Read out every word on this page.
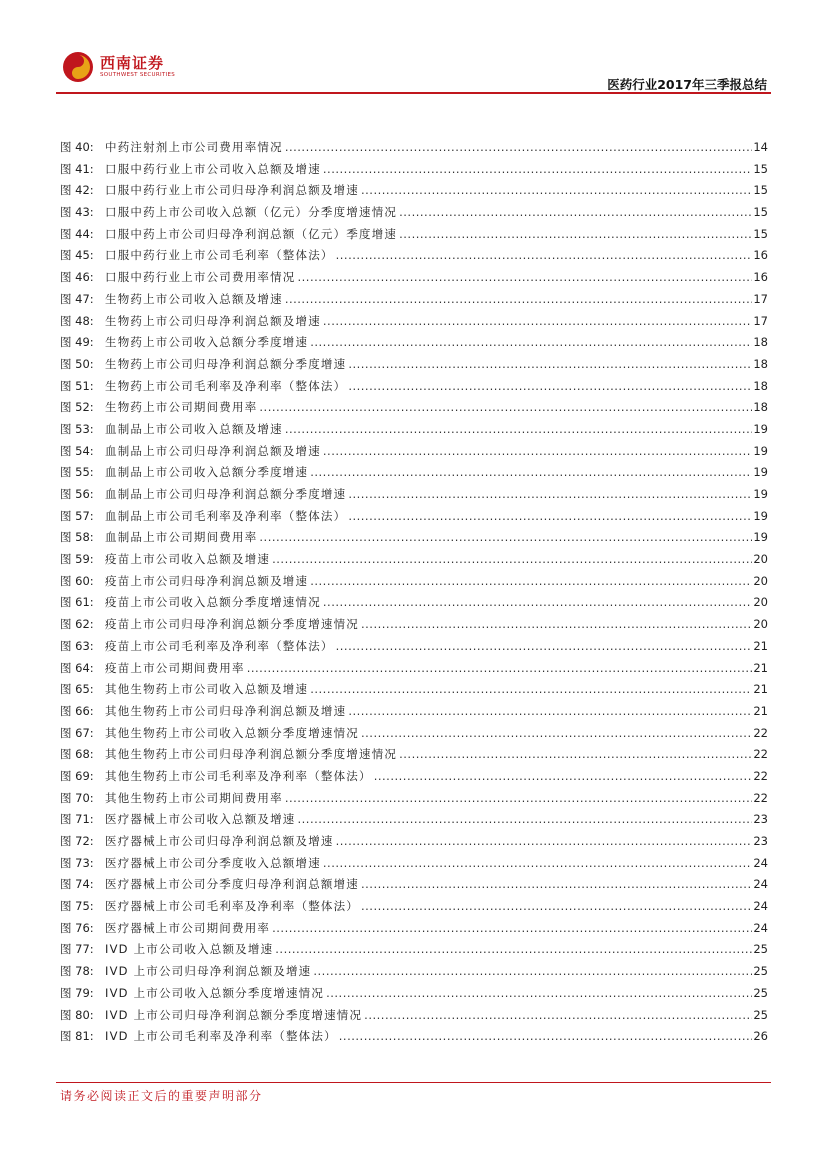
西南证券
SOUTHWEST SECURITIES
医药行业2017年三季报总结
图 40: 中药注射剂上市公司费用率情况 .....	14
图 41: 口服中药行业上市公司收入总额及增速 .....	15
图 42: 口服中药行业上市公司归母净利润总额及增速 .....	15
图 43: 口服中药上市公司收入总额（亿元）分季度增速情况 .....	15
图 44: 口服中药上市公司归母净利润总额（亿元）季度增速 .....	15
图 45: 口服中药行业上市公司毛利率（整体法） .....	16
图 46: 口服中药行业上市公司费用率情况 .....	16
图 47: 生物药上市公司收入总额及增速 .....	17
图 48: 生物药上市公司归母净利润总额及增速 .....	17
图 49: 生物药上市公司收入总额分季度增速 .....	18
图 50: 生物药上市公司归母净利润总额分季度增速 .....	18
图 51: 生物药上市公司毛利率及净利率（整体法） .....	18
图 52: 生物药上市公司期间费用率 .....	18
图 53: 血制品上市公司收入总额及增速 .....	19
图 54: 血制品上市公司归母净利润总额及增速 .....	19
图 55: 血制品上市公司收入总额分季度增速 .....	19
图 56: 血制品上市公司归母净利润总额分季度增速 .....	19
图 57: 血制品上市公司毛利率及净利率（整体法） .....	19
图 58: 血制品上市公司期间费用率 .....	19
图 59: 疫苗上市公司收入总额及增速 .....	20
图 60: 疫苗上市公司归母净利润总额及增速 .....	20
图 61: 疫苗上市公司收入总额分季度增速情况 .....	20
图 62: 疫苗上市公司归母净利润总额分季度增速情况 .....	20
图 63: 疫苗上市公司毛利率及净利率（整体法） .....	21
图 64: 疫苗上市公司期间费用率 .....	21
图 65: 其他生物药上市公司收入总额及增速 .....	21
图 66: 其他生物药上市公司归母净利润总额及增速 .....	21
图 67: 其他生物药上市公司收入总额分季度增速情况 .....	22
图 68: 其他生物药上市公司归母净利润总额分季度增速情况 .....	22
图 69: 其他生物药上市公司毛利率及净利率（整体法） .....	22
图 70: 其他生物药上市公司期间费用率 .....	22
图 71: 医疗器械上市公司收入总额及增速 .....	23
图 72: 医疗器械上市公司归母净利润总额及增速 .....	23
图 73: 医疗器械上市公司分季度收入总额增速 .....	24
图 74: 医疗器械上市公司分季度归母净利润总额增速 .....	24
图 75: 医疗器械上市公司毛利率及净利率（整体法） .....	24
图 76: 医疗器械上市公司期间费用率 .....	24
图 77: IVD 上市公司收入总额及增速 .....	25
图 78: IVD 上市公司归母净利润总额及增速 .....	25
图 79: IVD 上市公司收入总额分季度增速情况 .....	25
图 80: IVD 上市公司归母净利润总额分季度增速情况 .....	25
图 81: IVD 上市公司毛利率及净利率（整体法） .....	26
请务必阅读正文后的重要声明部分
